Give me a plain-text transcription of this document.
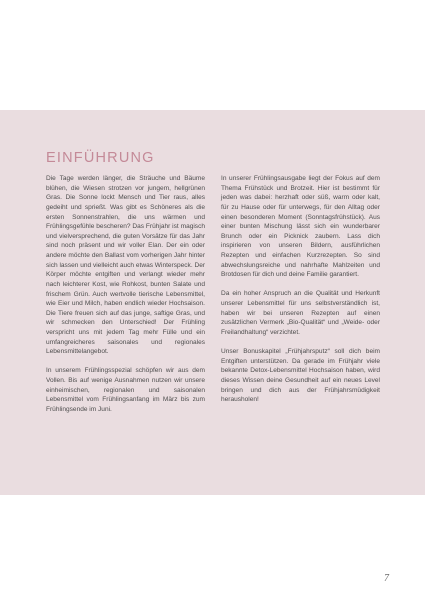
EINFÜHRUNG

Die Tage werden länger, die Sträuche und Bäume blühen, die Wiesen strotzen vor jungem, hellgrünen Gras. Die Sonne lockt Mensch und Tier raus, alles gedeiht und sprießt. Was gibt es Schöneres als die ersten Sonnenstrahlen, die uns wärmen und Frühlingsgefühle bescheren? Das Frühjahr ist magisch und vielversprechend, die guten Vorsätze für das Jahr sind noch präsent und wir voller Elan. Der ein oder andere möchte den Ballast vom vorherigen Jahr hinter sich lassen und vielleicht auch etwas Winterspeck. Der Körper möchte entgiften und verlangt wieder mehr nach leichterer Kost, wie Rohkost, bunten Salate und frischem Grün. Auch wertvolle tierische Lebensmittel, wie Eier und Milch, haben endlich wieder Hochsaison. Die Tiere freuen sich auf das junge, saftige Gras, und wir schmecken den Unterschied! Der Frühling verspricht uns mit jedem Tag mehr Fülle und ein umfangreicheres saisonales und regionales Lebensmittelangebot.

In unserem Frühlingsspezial schöpfen wir aus dem Vollen. Bis auf wenige Ausnahmen nutzen wir unsere einheimischen, regionalen und saisonalen Lebensmittel vom Frühlingsanfang im März bis zum Frühlingsende im Juni.

In unserer Frühlingsausgabe liegt der Fokus auf dem Thema Frühstück und Brotzeit. Hier ist bestimmt für jeden was dabei: herzhaft oder süß, warm oder kalt, für zu Hause oder für unterwegs, für den Alltag oder einen besonderen Moment (Sonntagsfrühstück). Aus einer bunten Mischung lässt sich ein wunderbarer Brunch oder ein Picknick zaubern. Lass dich inspirieren von unseren Bildern, ausführlichen Rezepten und einfachen Kurzrezepten. So sind abwechslungsreiche und nahrhafte Mahlzeiten und Brotdosen für dich und deine Familie garantiert.

Da ein hoher Anspruch an die Qualität und Herkunft unserer Lebensmittel für uns selbstverständlich ist, haben wir bei unseren Rezepten auf einen zusätzlichen Vermerk „Bio-Qualität“ und „Weide- oder Freilandhaltung“ verzichtet.

Unser Bonuskapitel „Frühjahrsputz“ soll dich beim Entgiften unterstützen. Da gerade im Frühjahr viele bekannte Detox-Lebensmittel Hochsaison haben, wird dieses Wissen deine Gesundheit auf ein neues Level bringen und dich aus der Frühjahrsmüdigkeit herausholen!

7
